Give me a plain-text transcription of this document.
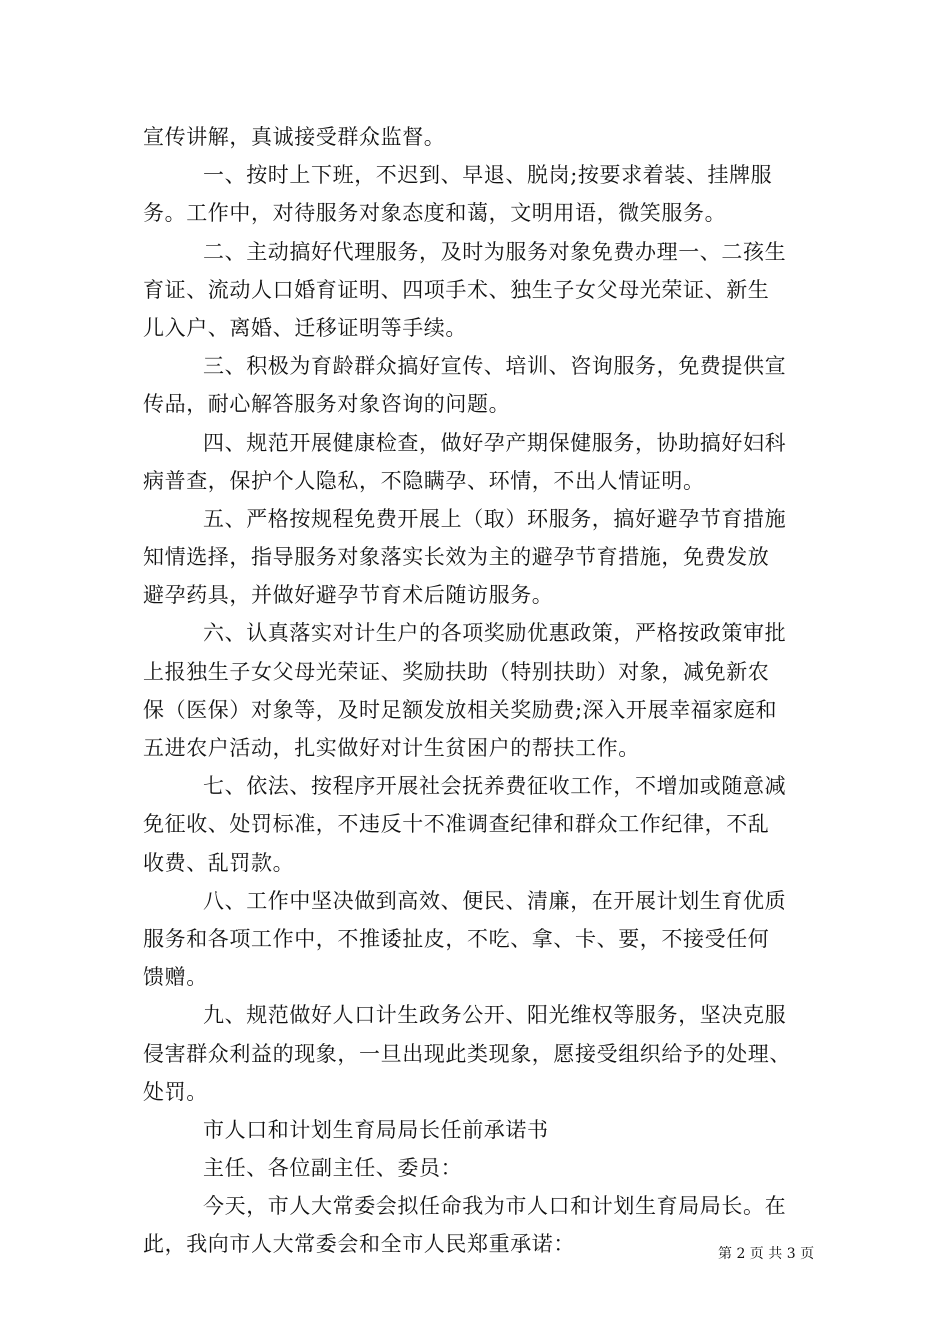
宣传讲解，真诚接受群众监督。
一、按时上下班，不迟到、早退、脱岗;按要求着装、挂牌服
务。工作中，对待服务对象态度和蔼，文明用语，微笑服务。
二、主动搞好代理服务，及时为服务对象免费办理一、二孩生
育证、流动人口婚育证明、四项手术、独生子女父母光荣证、新生
儿入户、离婚、迁移证明等手续。
三、积极为育龄群众搞好宣传、培训、咨询服务，免费提供宣
传品，耐心解答服务对象咨询的问题。
四、规范开展健康检查，做好孕产期保健服务，协助搞好妇科
病普查，保护个人隐私，不隐瞒孕、环情，不出人情证明。
五、严格按规程免费开展上（取）环服务，搞好避孕节育措施
知情选择，指导服务对象落实长效为主的避孕节育措施，免费发放
避孕药具，并做好避孕节育术后随访服务。
六、认真落实对计生户的各项奖励优惠政策，严格按政策审批
上报独生子女父母光荣证、奖励扶助（特别扶助）对象，减免新农
保（医保）对象等，及时足额发放相关奖励费;深入开展幸福家庭和
五进农户活动，扎实做好对计生贫困户的帮扶工作。
七、依法、按程序开展社会抚养费征收工作，不增加或随意减
免征收、处罚标准，不违反十不准调查纪律和群众工作纪律，不乱
收费、乱罚款。
八、工作中坚决做到高效、便民、清廉，在开展计划生育优质
服务和各项工作中，不推诿扯皮，不吃、拿、卡、要，不接受任何
馈赠。
九、规范做好人口计生政务公开、阳光维权等服务，坚决克服
侵害群众利益的现象，一旦出现此类现象，愿接受组织给予的处理、
处罚。
市人口和计划生育局局长任前承诺书
主任、各位副主任、委员：
今天，市人大常委会拟任命我为市人口和计划生育局局长。在
此，我向市人大常委会和全市人民郑重承诺：	第 2 页 共 3 页
